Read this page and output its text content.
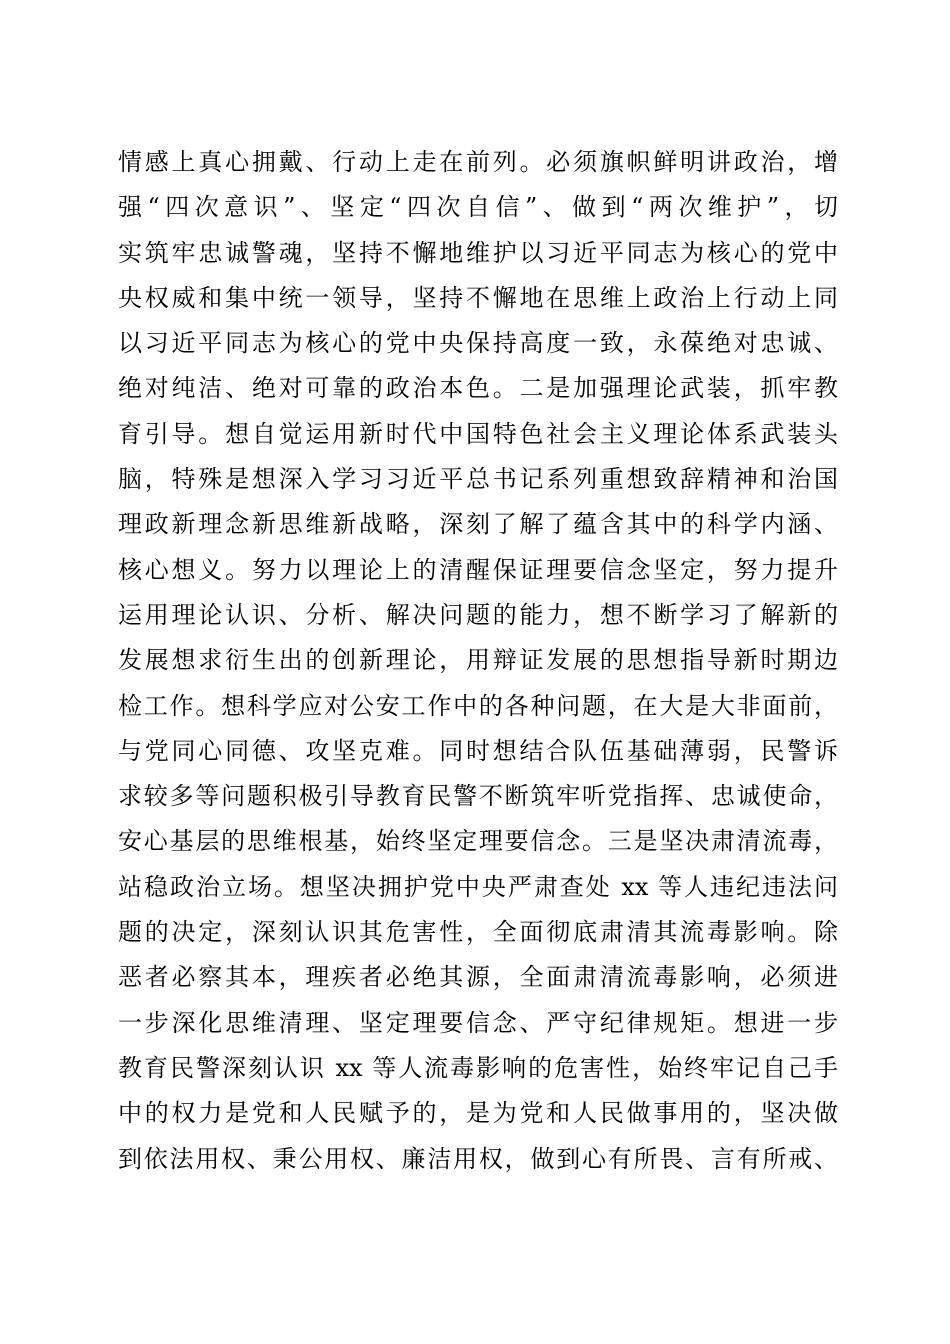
情感上真心拥戴、行动上走在前列。必须旗帜鲜明讲政治，增
强“四次意识”、坚定“四次自信”、做到“两次维护”，切
实筑牢忠诚警魂，坚持不懈地维护以习近平同志为核心的党中
央权威和集中统一领导，坚持不懈地在思维上政治上行动上同
以习近平同志为核心的党中央保持高度一致，永葆绝对忠诚、
绝对纯洁、绝对可靠的政治本色。二是加强理论武装，抓牢教
育引导。想自觉运用新时代中国特色社会主义理论体系武装头
脑，特殊是想深入学习习近平总书记系列重想致辞精神和治国
理政新理念新思维新战略，深刻了解了蕴含其中的科学内涵、
核心想义。努力以理论上的清醒保证理要信念坚定，努力提升
运用理论认识、分析、解决问题的能力，想不断学习了解新的
发展想求衍生出的创新理论，用辩证发展的思想指导新时期边
检工作。想科学应对公安工作中的各种问题，在大是大非面前，
与党同心同德、攻坚克难。同时想结合队伍基础薄弱，民警诉
求较多等问题积极引导教育民警不断筑牢听党指挥、忠诚使命，
安心基层的思维根基，始终坚定理要信念。三是坚决肃清流毒，
站稳政治立场。想坚决拥护党中央严肃查处 xx 等人违纪违法问
题的决定，深刻认识其危害性，全面彻底肃清其流毒影响。除
恶者必察其本，理疾者必绝其源，全面肃清流毒影响，必须进
一步深化思维清理、坚定理要信念、严守纪律规矩。想进一步
教育民警深刻认识 xx 等人流毒影响的危害性，始终牢记自己手
中的权力是党和人民赋予的，是为党和人民做事用的，坚决做
到依法用权、秉公用权、廉洁用权，做到心有所畏、言有所戒、
